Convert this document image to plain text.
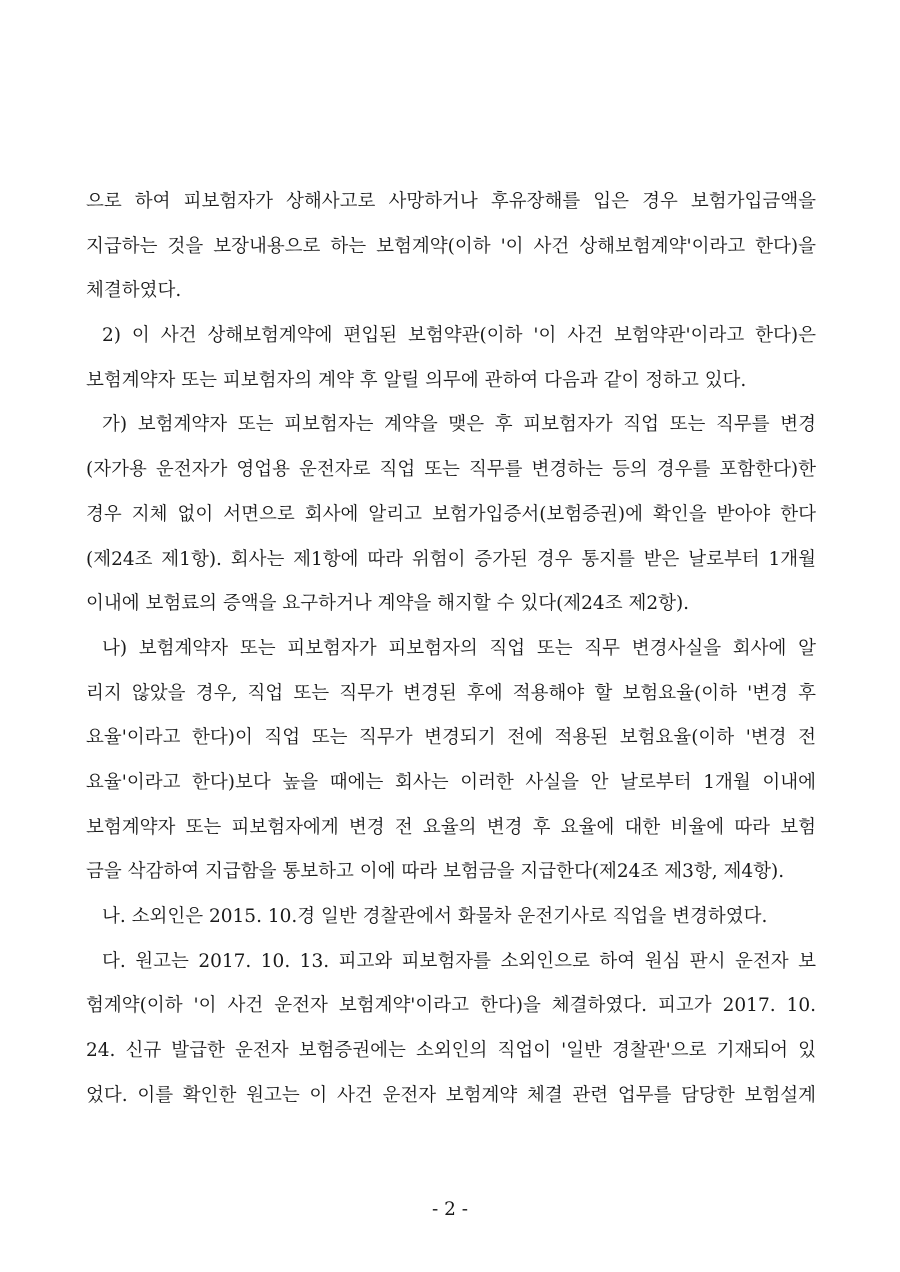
으로 하여 피보험자가 상해사고로 사망하거나 후유장해를 입은 경우 보험가입금액을
지급하는 것을 보장내용으로 하는 보험계약(이하 '이 사건 상해보험계약'이라고 한다)을
체결하였다.
2) 이 사건 상해보험계약에 편입된 보험약관(이하 '이 사건 보험약관'이라고 한다)은
보험계약자 또는 피보험자의 계약 후 알릴 의무에 관하여 다음과 같이 정하고 있다.
가) 보험계약자 또는 피보험자는 계약을 맺은 후 피보험자가 직업 또는 직무를 변경
(자가용 운전자가 영업용 운전자로 직업 또는 직무를 변경하는 등의 경우를 포함한다)한
경우 지체 없이 서면으로 회사에 알리고 보험가입증서(보험증권)에 확인을 받아야 한다
(제24조 제1항). 회사는 제1항에 따라 위험이 증가된 경우 통지를 받은 날로부터 1개월
이내에 보험료의 증액을 요구하거나 계약을 해지할 수 있다(제24조 제2항).
나) 보험계약자 또는 피보험자가 피보험자의 직업 또는 직무 변경사실을 회사에 알
리지 않았을 경우, 직업 또는 직무가 변경된 후에 적용해야 할 보험요율(이하 '변경 후
요율'이라고 한다)이 직업 또는 직무가 변경되기 전에 적용된 보험요율(이하 '변경 전
요율'이라고 한다)보다 높을 때에는 회사는 이러한 사실을 안 날로부터 1개월 이내에
보험계약자 또는 피보험자에게 변경 전 요율의 변경 후 요율에 대한 비율에 따라 보험
금을 삭감하여 지급함을 통보하고 이에 따라 보험금을 지급한다(제24조 제3항, 제4항).
나. 소외인은 2015. 10.경 일반 경찰관에서 화물차 운전기사로 직업을 변경하였다.
다. 원고는 2017. 10. 13. 피고와 피보험자를 소외인으로 하여 원심 판시 운전자 보
험계약(이하 '이 사건 운전자 보험계약'이라고 한다)을 체결하였다. 피고가 2017. 10.
24. 신규 발급한 운전자 보험증권에는 소외인의 직업이 '일반 경찰관'으로 기재되어 있
었다. 이를 확인한 원고는 이 사건 운전자 보험계약 체결 관련 업무를 담당한 보험설계
- 2 -
